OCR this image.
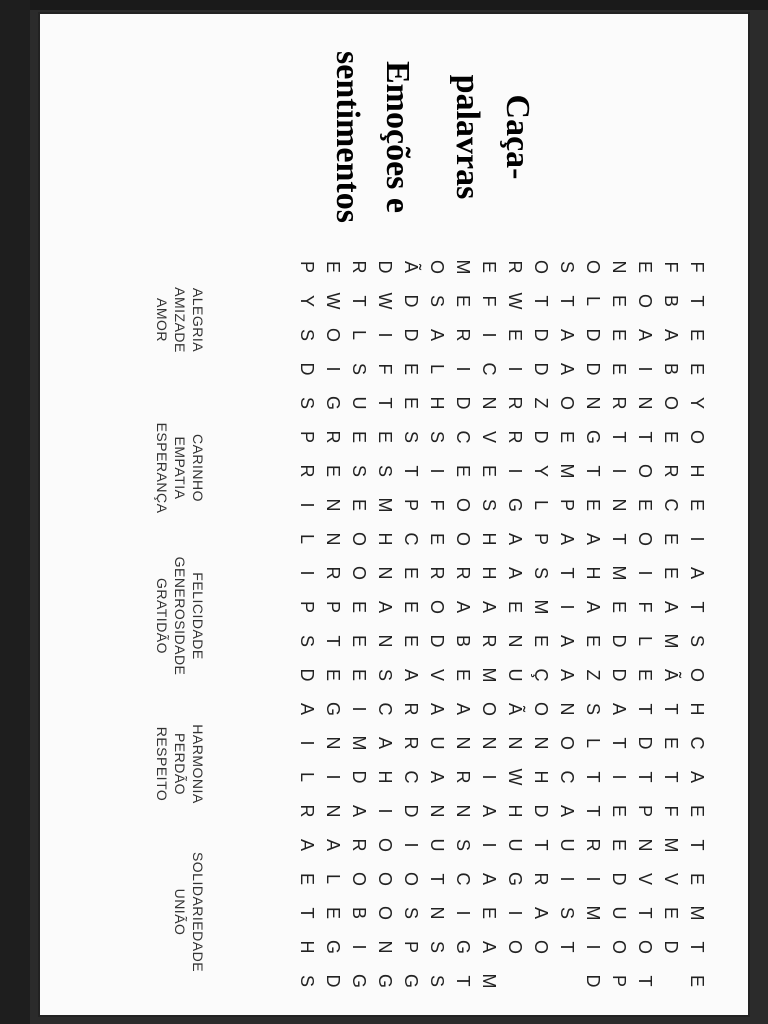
Caça-
palavras
Emoções e
sentimentos
F
T
E
E
Y
O
H
E
I
A
T
S
O
H
C
A
E
T
E
M
T
E
F
B
A
B
O
E
R
C
E
E
A
M
Ã
T
E
T
F
M
V
E
D
E
O
A
I
N
T
O
E
O
I
F
L
E
T
D
T
P
N
V
T
O
T
N
E
E
E
R
T
I
N
T
M
E
D
D
A
T
I
E
E
D
U
O
P
O
L
D
D
N
G
T
E
A
H
A
E
Z
S
L
T
T
R
I
M
I
D
S
T
A
A
O
E
M
P
A
T
I
A
A
N
O
C
A
U
I
S
T
O
T
D
D
Z
D
Y
L
P
S
M
E
Ç
O
N
H
D
T
R
A
O
R
W
E
I
R
R
I
G
A
A
E
N
U
Ã
N
W
H
U
G
I
O
E
F
I
C
N
V
E
S
H
H
A
R
M
O
N
I
A
I
A
E
A
M
M
E
R
I
D
C
E
O
O
R
A
B
E
A
N
R
N
S
C
I
G
T
O
S
A
L
H
S
I
F
E
R
O
D
V
A
U
A
N
U
T
N
S
S
Ã
D
D
E
E
S
T
P
C
E
E
E
A
R
R
C
D
I
O
S
P
G
D
W
I
F
T
E
S
M
H
N
A
N
S
C
A
H
I
O
O
O
N
G
R
T
L
S
U
E
S
E
O
O
E
E
E
I
M
D
A
R
O
B
I
G
E
W
O
I
G
R
E
N
N
R
P
T
E
G
N
I
N
A
L
E
G
D
P
Y
S
D
S
P
R
I
L
I
P
S
D
A
I
L
R
A
E
T
H
S
ALEGRIA
AMIZADE
AMOR
CARINHO
EMPATIA
ESPERANÇA
FELICIDADE
GENEROSIDADE
GRATIDÃO
HARMONIA
PERDÃO
RESPEITO
SOLIDARIEDADE
UNIÃO
